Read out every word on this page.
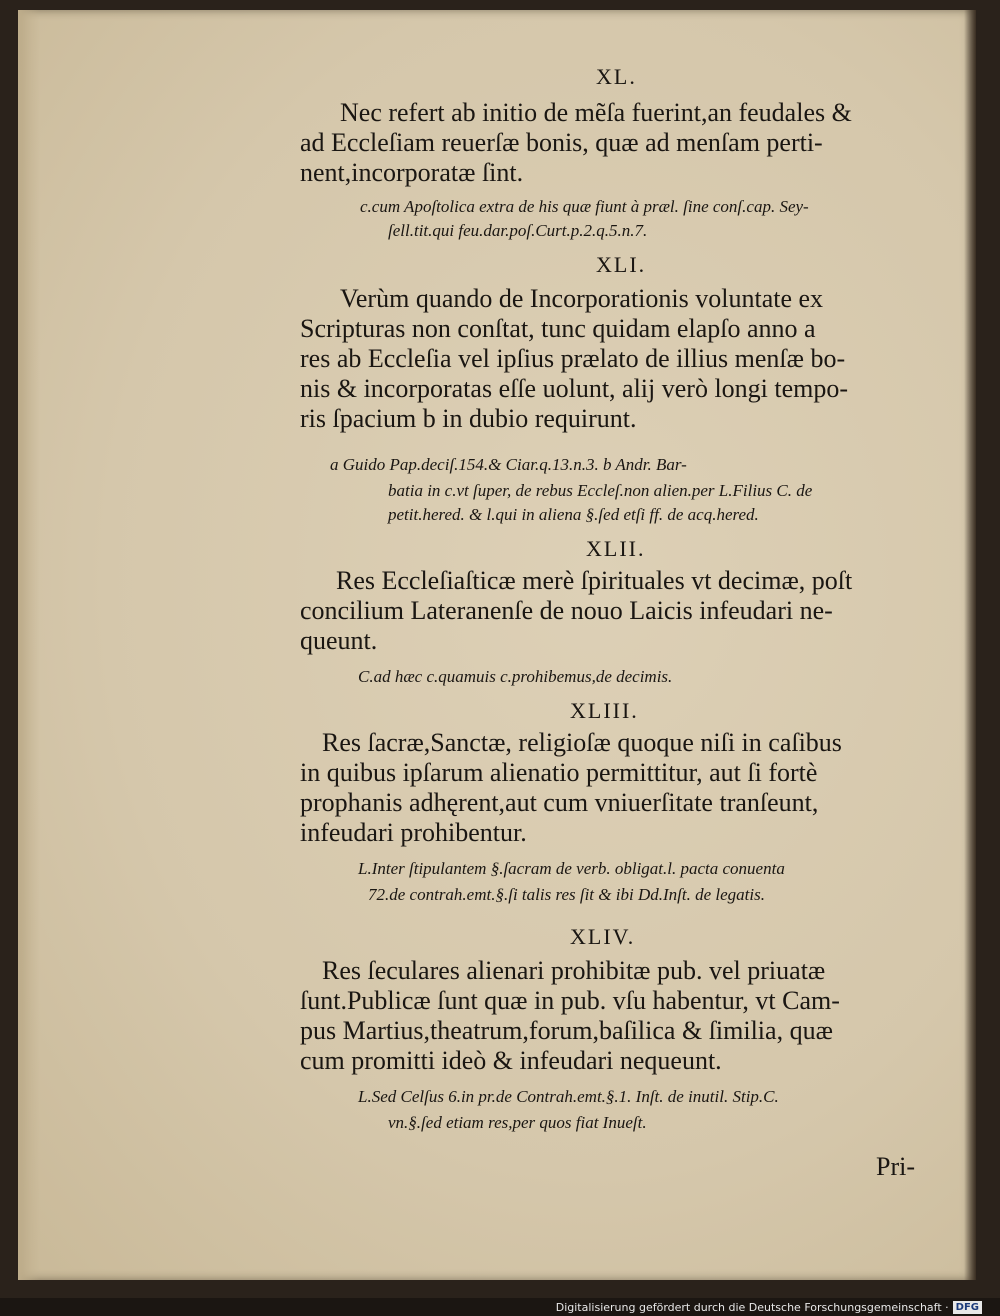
XL.
Nec refert ab initio de mẽſa fuerint,an feudales &
ad Eccleſiam reuerſæ bonis, quæ ad menſam perti-
nent,incorporatæ ſint.
c.cum Apoſtolica extra de his quæ fiunt à præl. ſine conſ.cap. Sey-
ſell.tit.qui feu.dar.poſ.Curt.p.2.q.5.n.7.
XLI.
Verùm quando de Incorporationis voluntate ex
Scripturas non conſtat, tunc quidam elapſo anno a
res ab Eccleſia vel ipſius prælato de illius menſæ bo-
nis & incorporatas eſſe uolunt, alij verò longi tempo-
ris ſpacium b in dubio requirunt.
a Guido Pap.deciſ.154.& Ciar.q.13.n.3. b Andr. Bar-
batia in c.vt ſuper, de rebus Eccleſ.non alien.per L.Filius C. de
petit.hered. & l.qui in aliena §.ſed etſi ff. de acq.hered.
XLII.
Res Eccleſiaſticæ merè ſpirituales vt decimæ, poſt
concilium Lateranenſe de nouo Laicis infeudari ne-
queunt.
C.ad hæc c.quamuis c.prohibemus,de decimis.
XLIII.
Res ſacræ,Sanctæ, religioſæ quoque niſi in caſibus
in quibus ipſarum alienatio permittitur, aut ſi fortè
prophanis adhęrent,aut cum vniuerſitate tranſeunt,
infeudari prohibentur.
L.Inter ſtipulantem §.ſacram de verb. obligat.l. pacta conuenta
72.de contrah.emt.§.ſi talis res ſit & ibi Dd.Inſt. de legatis.
XLIV.
Res ſeculares alienari prohibitæ pub. vel priuatæ
ſunt.Publicæ ſunt quæ in pub. vſu habentur, vt Cam-
pus Martius,theatrum,forum,baſilica & ſimilia, quæ
cum promitti ideò & infeudari nequeunt.
L.Sed Celſus 6.in pr.de Contrah.emt.§.1. Inſt. de inutil. Stip.C.
vn.§.ſed etiam res,per quos fiat Inueſt.
Pri-
Digitalisierung gefördert durch die Deutsche Forschungsgemeinschaft · DFG
